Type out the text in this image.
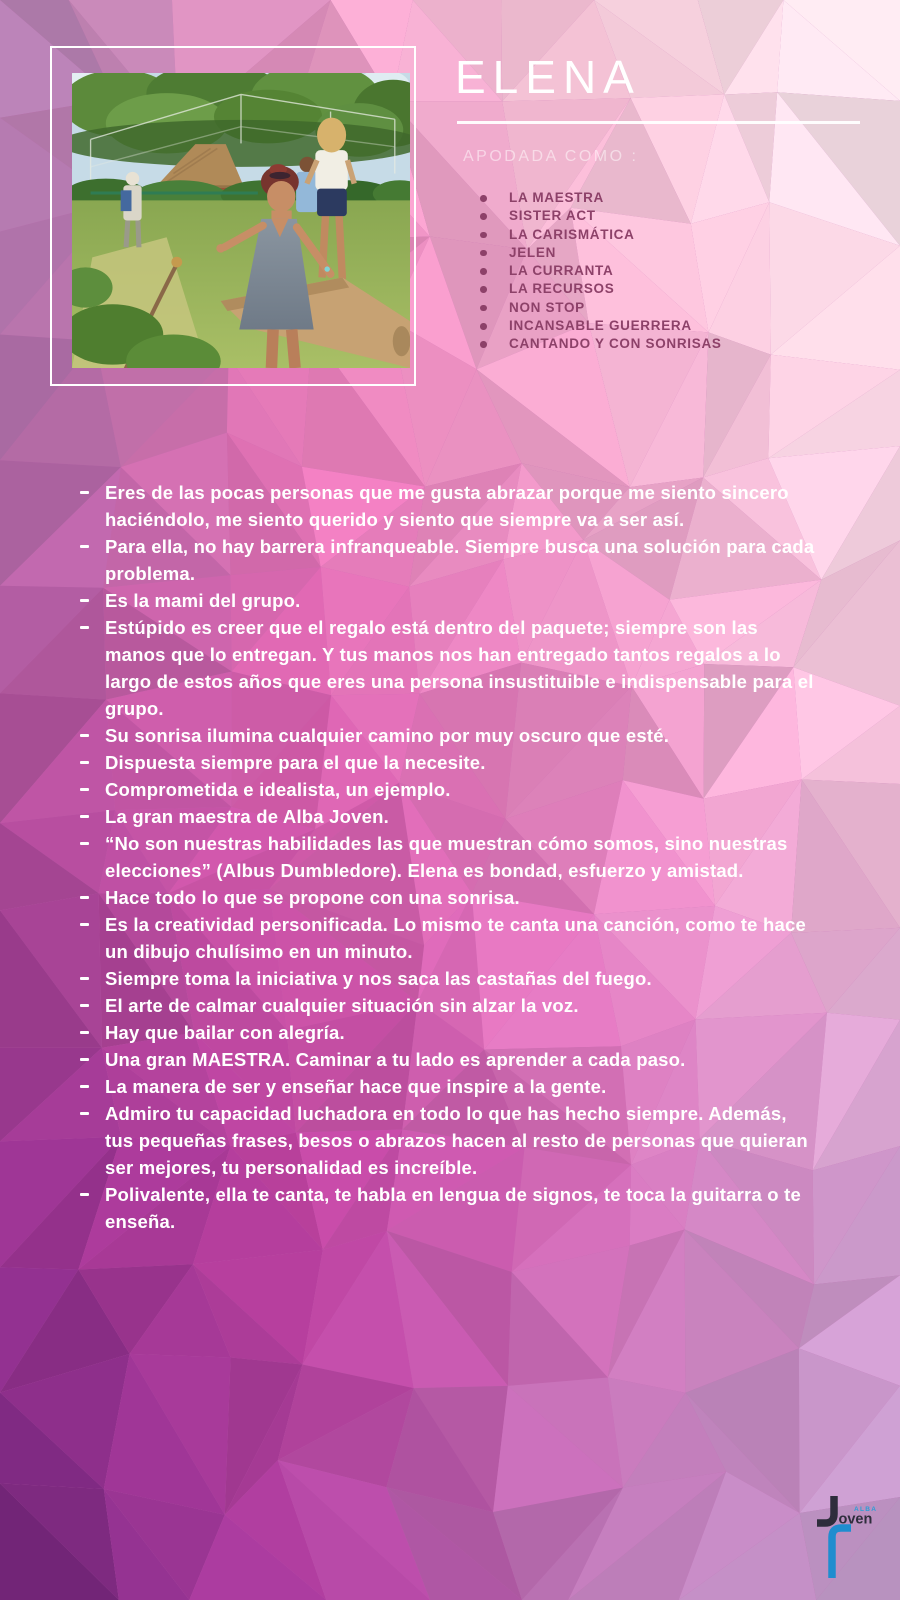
ELENA
APODADA COMO :
LA MAESTRA
SISTER ACT
LA CARISMÁTICA
JELEN
LA CURRANTA
LA RECURSOS
NON STOP
INCANSABLE GUERRERA
CANTANDO Y CON SONRISAS
Eres de las pocas personas que me gusta abrazar porque me siento sincero haciéndolo, me siento querido y siento que siempre va a ser así.
Para ella, no hay barrera infranqueable. Siempre busca una solución para cada problema.
Es la mami del grupo.
Estúpido es creer que el regalo está dentro del paquete; siempre son las manos que lo entregan. Y tus manos nos han entregado tantos regalos a lo largo de estos años que eres una persona insustituible e indispensable para el grupo.
Su sonrisa ilumina cualquier camino por muy oscuro que esté.
Dispuesta siempre para el que la necesite.
Comprometida e idealista, un ejemplo.
La gran maestra de Alba Joven.
“No son nuestras habilidades las que muestran cómo somos, sino nuestras elecciones” (Albus Dumbledore). Elena es bondad, esfuerzo y amistad.
Hace todo lo que se propone con una sonrisa.
Es la creatividad personificada. Lo mismo te canta una canción, como te hace un dibujo chulísimo en un minuto.
Siempre toma la iniciativa y nos saca las castañas del fuego.
El arte de calmar cualquier situación sin alzar la voz.
Hay que bailar con alegría.
Una gran MAESTRA. Caminar a tu lado es aprender a cada paso.
La manera de ser y enseñar hace que inspire a la gente.
Admiro tu capacidad luchadora en todo lo que has hecho siempre. Además, tus pequeñas frases, besos o abrazos hacen al resto de personas que quieran ser mejores, tu personalidad es increíble.
Polivalente, ella te canta, te habla en lengua de signos, te toca la guitarra o te enseña.
oven
ALBA
